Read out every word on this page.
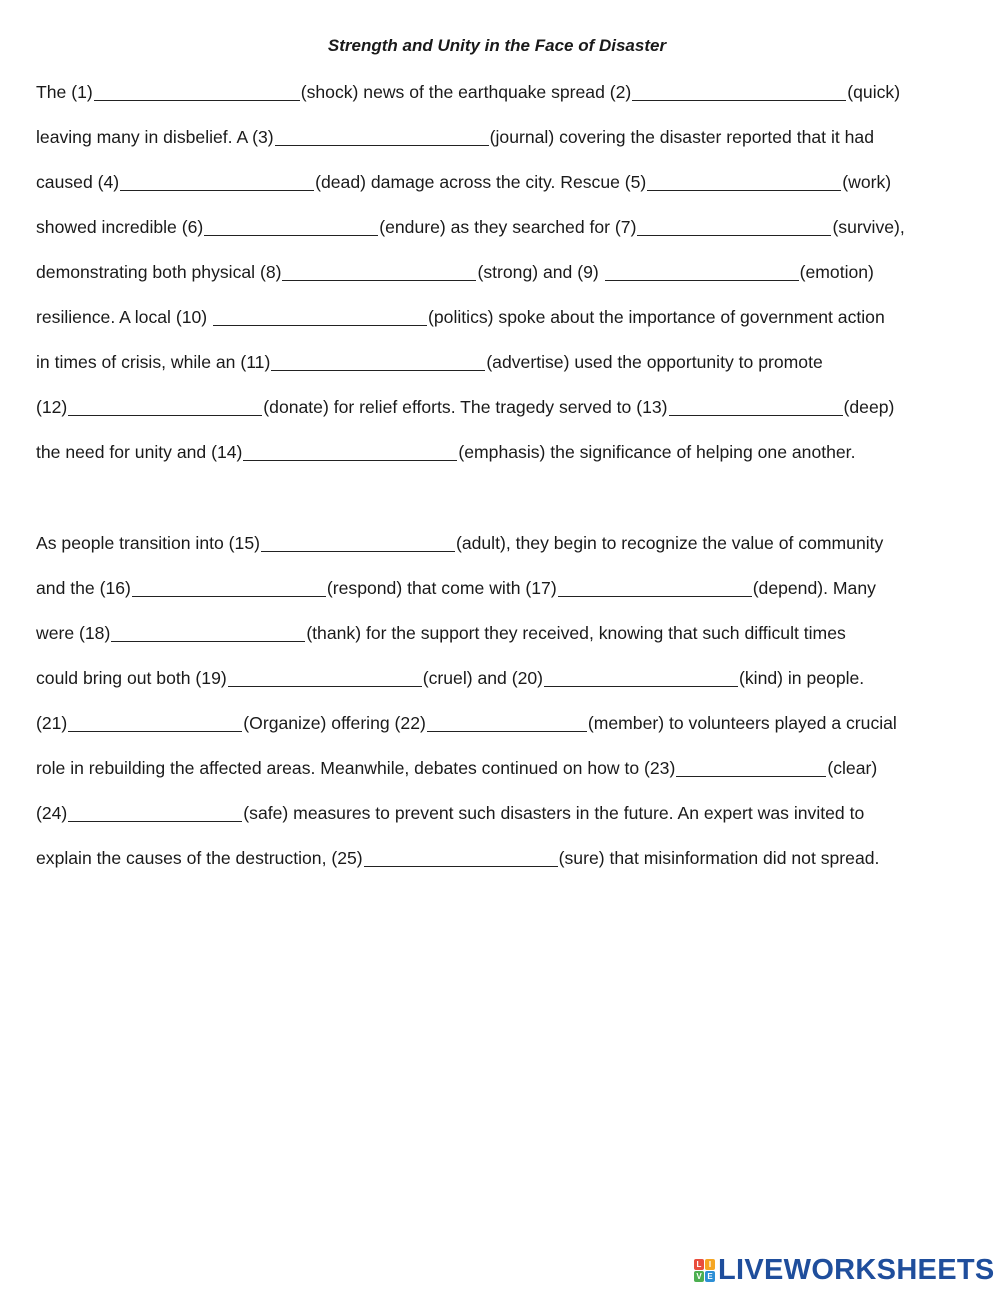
Strength and Unity in the Face of Disaster
The (1)	(shock) news of the earthquake spread (2)	(quick)
leaving many in disbelief. A (3)	(journal) covering the disaster reported that it had
caused (4)	(dead) damage across the city. Rescue (5)	(work)
showed incredible (6)	(endure) as they searched for (7)	(survive),
demonstrating both physical (8)	(strong) and (9)	(emotion)
resilience. A local (10)	(politics) spoke about the importance of government action
in times of crisis, while an (11)	(advertise) used the opportunity to promote
(12)	(donate) for relief efforts. The tragedy served to (13)	(deep)
the need for unity and (14)	(emphasis) the significance of helping one another.
As people transition into (15)	(adult), they begin to recognize the value of community
and the (16)	(respond) that come with (17)	(depend). Many
were (18)	(thank) for the support they received, knowing that such difficult times
could bring out both (19)	(cruel) and (20)	(kind) in people.
(21)	(Organize) offering (22)	(member) to volunteers played a crucial
role in rebuilding the affected areas. Meanwhile, debates continued on how to (23)	(clear)
(24)	(safe) measures to prevent such disasters in the future. An expert was invited to
explain the causes of the destruction, (25)	(sure) that misinformation did not spread.
L I
V E LIVEWORKSHEETS
